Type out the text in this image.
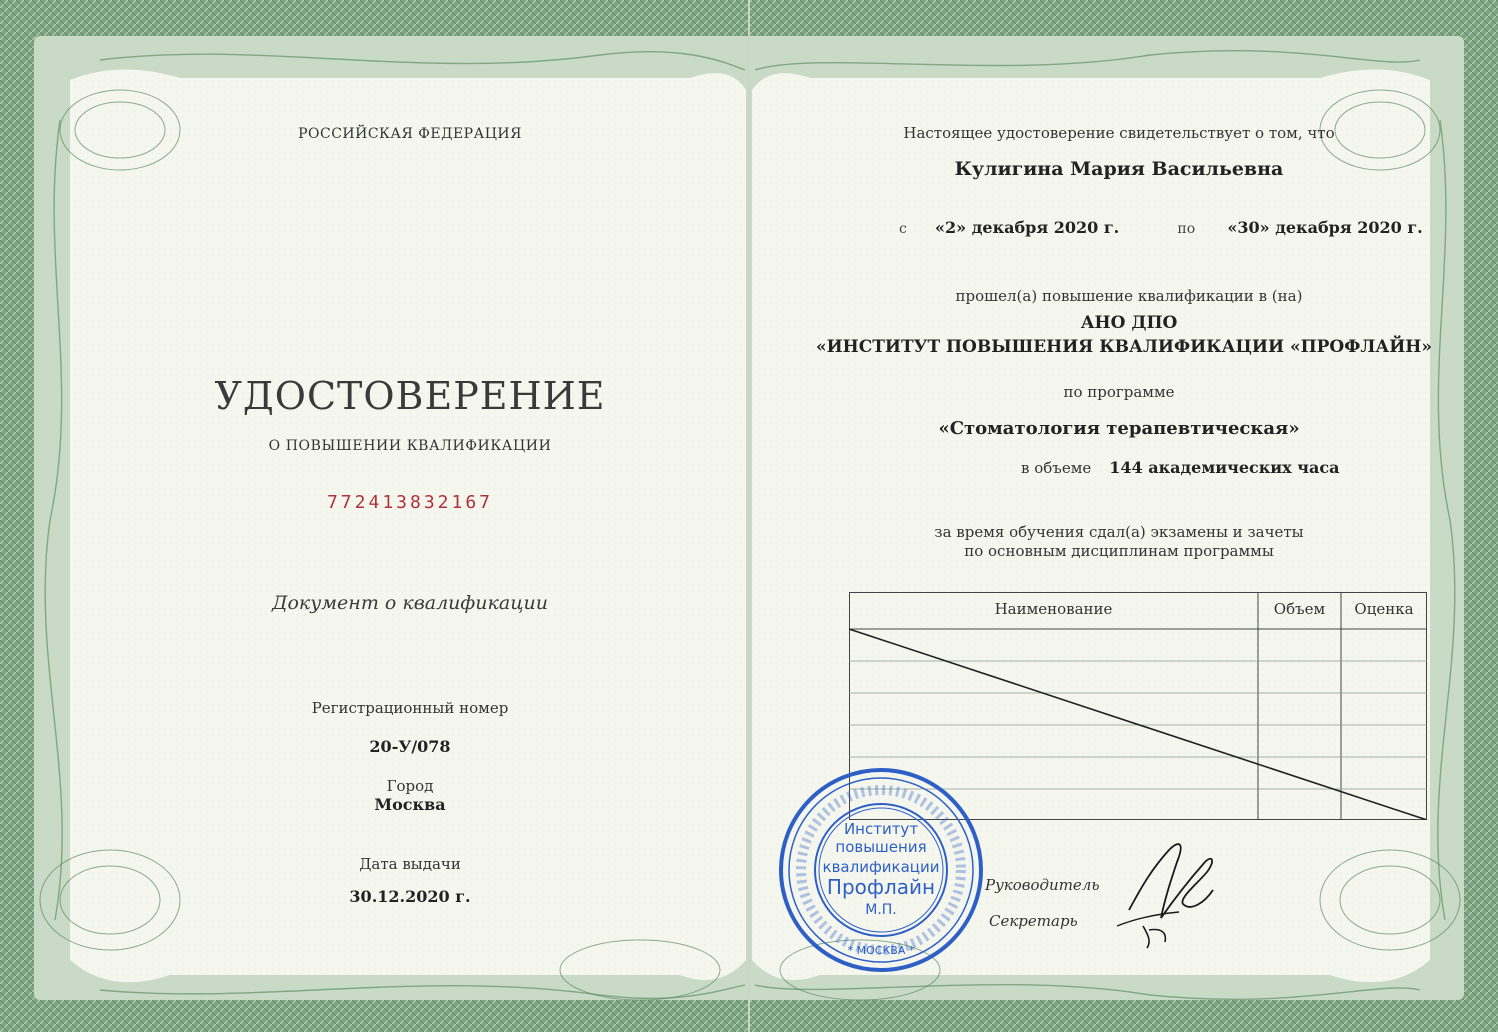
РОССИЙСКАЯ ФЕДЕРАЦИЯ
УДОСТОВЕРЕНИЕ
О ПОВЫШЕНИИ КВАЛИФИКАЦИИ
772413832167
Документ о квалификации
Регистрационный номер
20-У/078
Город
Москва
Дата выдачи
30.12.2020 г.
Настоящее удостоверение свидетельствует о том, что
Кулигина Мария Васильевна
с «2» декабря 2020 г.	по «30» декабря 2020 г.
прошел(а) повышение квалификации в (на)
АНО ДПО
«ИНСТИТУТ ПОВЫШЕНИЯ КВАЛИФИКАЦИИ «ПРОФЛАЙН»
по программе
«Стоматология терапевтическая»
в объеме 144 академических часа
за время обучения сдал(а) экзамены и зачеты
по основным дисциплинам программы
Наименование	Объем	Оценка
Институт
повышения
квалификации
Профлайн
М.П.
* МОСКВА *
Руководитель
Секретарь
